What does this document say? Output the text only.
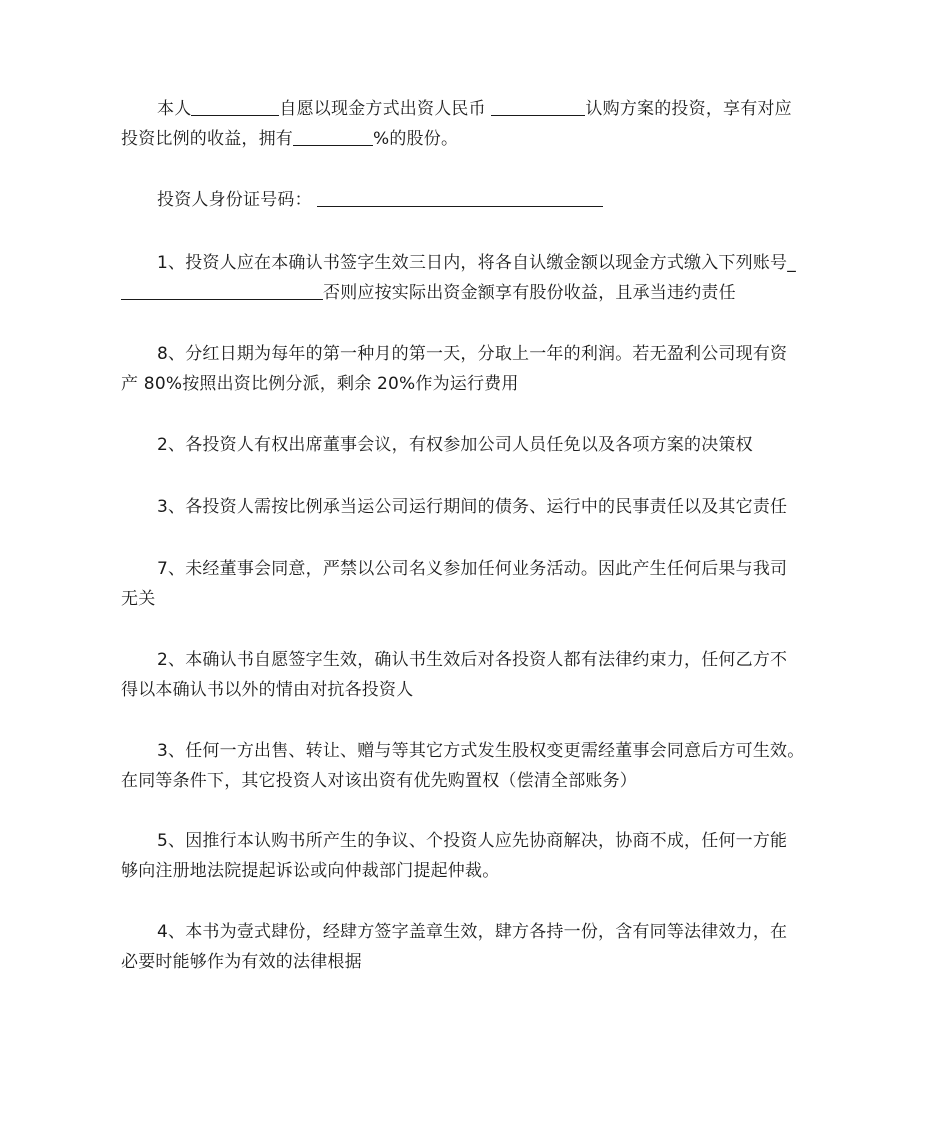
本人	自愿以现金方式出资人民币	认购方案的投资，享有对应
投资比例的收益，拥有	%的股份。
投资人身份证号码：
1、投资人应在本确认书签字生效三日内，将各自认缴金额以现金方式缴入下列账号_
否则应按实际出资金额享有股份收益，且承当违约责任
8、分红日期为每年的第一种月的第一天，分取上一年的利润。若无盈利公司现有资
产 80%按照出资比例分派，剩余 20%作为运行费用
2、各投资人有权出席董事会议，有权参加公司人员任免以及各项方案的决策权
3、各投资人需按比例承当运公司运行期间的债务、运行中的民事责任以及其它责任
7、未经董事会同意，严禁以公司名义参加任何业务活动。因此产生任何后果与我司
无关
2、本确认书自愿签字生效，确认书生效后对各投资人都有法律约束力，任何乙方不
得以本确认书以外的情由对抗各投资人
3、任何一方出售、转让、赠与等其它方式发生股权变更需经董事会同意后方可生效。
在同等条件下，其它投资人对该出资有优先购置权（偿清全部账务）
5、因推行本认购书所产生的争议、个投资人应先协商解决，协商不成，任何一方能
够向注册地法院提起诉讼或向仲裁部门提起仲裁。
4、本书为壹式肆份，经肆方签字盖章生效，肆方各持一份，含有同等法律效力，在
必要时能够作为有效的法律根据
